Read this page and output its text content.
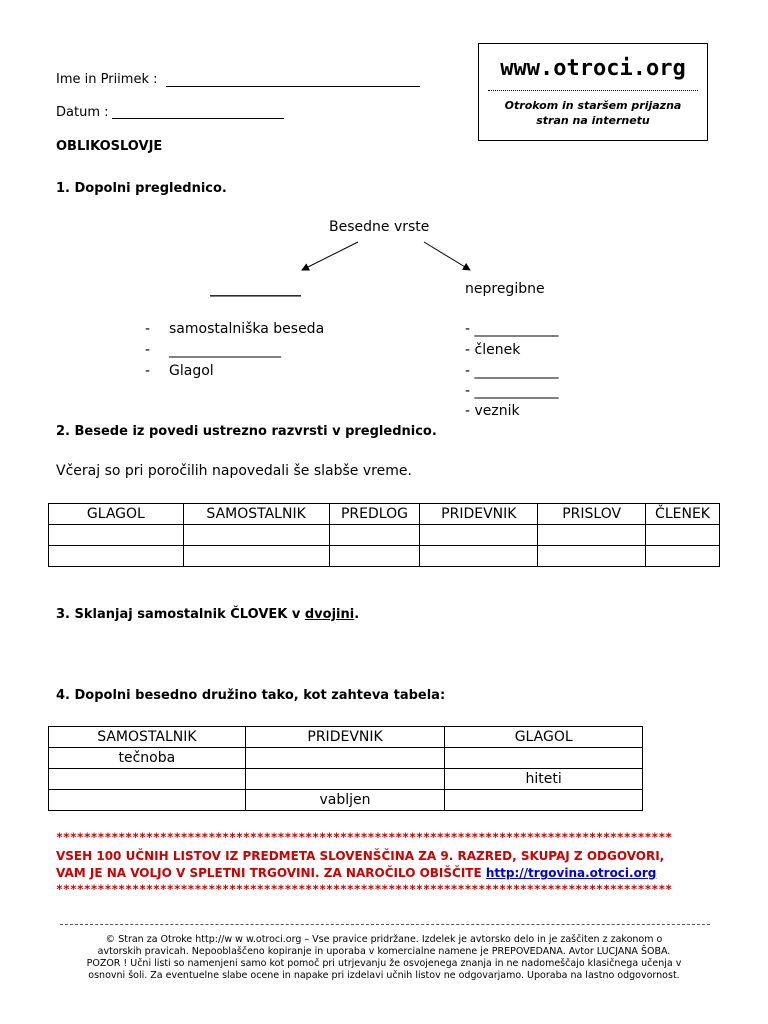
www.otroci.org
Otrokom in staršem prijazna
stran na internetu
Ime in Priimek :
Datum :
OBLIKOSLOVJE
1. Dopolni preglednico.
Besedne vrste
_____________	nepregibne
- samostalniška beseda
- ________________
- Glagol
- ____________
- členek
- ____________
- ____________
- veznik
2. Besede iz povedi ustrezno razvrsti v preglednico.
Včeraj so pri poročilih napovedali še slabše vreme.
GLAGOL	SAMOSTALNIK	PREDLOG	PRIDEVNIK	PRISLOV	ČLENEK

3. Sklanjaj samostalnik ČLOVEK v dvojini.
4. Dopolni besedno družino tako, kot zahteva tabela:
SAMOSTALNIK	PRIDEVNIK	GLAGOL
tečnoba		
		hiteti
	vabljen	
*****************************************************************************************
VSEH 100 UČNIH LISTOV IZ PREDMETA SLOVENŠČINA ZA 9. RAZRED, SKUPAJ Z ODGOVORI,
VAM JE NA VOLJO V SPLETNI TRGOVINI. ZA NAROČILO OBIŠČITE http://trgovina.otroci.org
*****************************************************************************************
© Stran za Otroke http://w w w.otroci.org – Vse pravice pridržane. Izdelek je avtorsko delo in je zaščiten z zakonom o
avtorskih pravicah. Nepooblaščeno kopiranje in uporaba v komercialne namene je PREPOVEDANA. Avtor LUCJANA ŠOBA.
POZOR ! Učni listi so namenjeni samo kot pomoč pri utrjevanju že osvojenega znanja in ne nadomeščajo klasičnega učenja v
osnovni šoli. Za eventuelne slabe ocene in napake pri izdelavi učnih listov ne odgovarjamo. Uporaba na lastno odgovornost.
